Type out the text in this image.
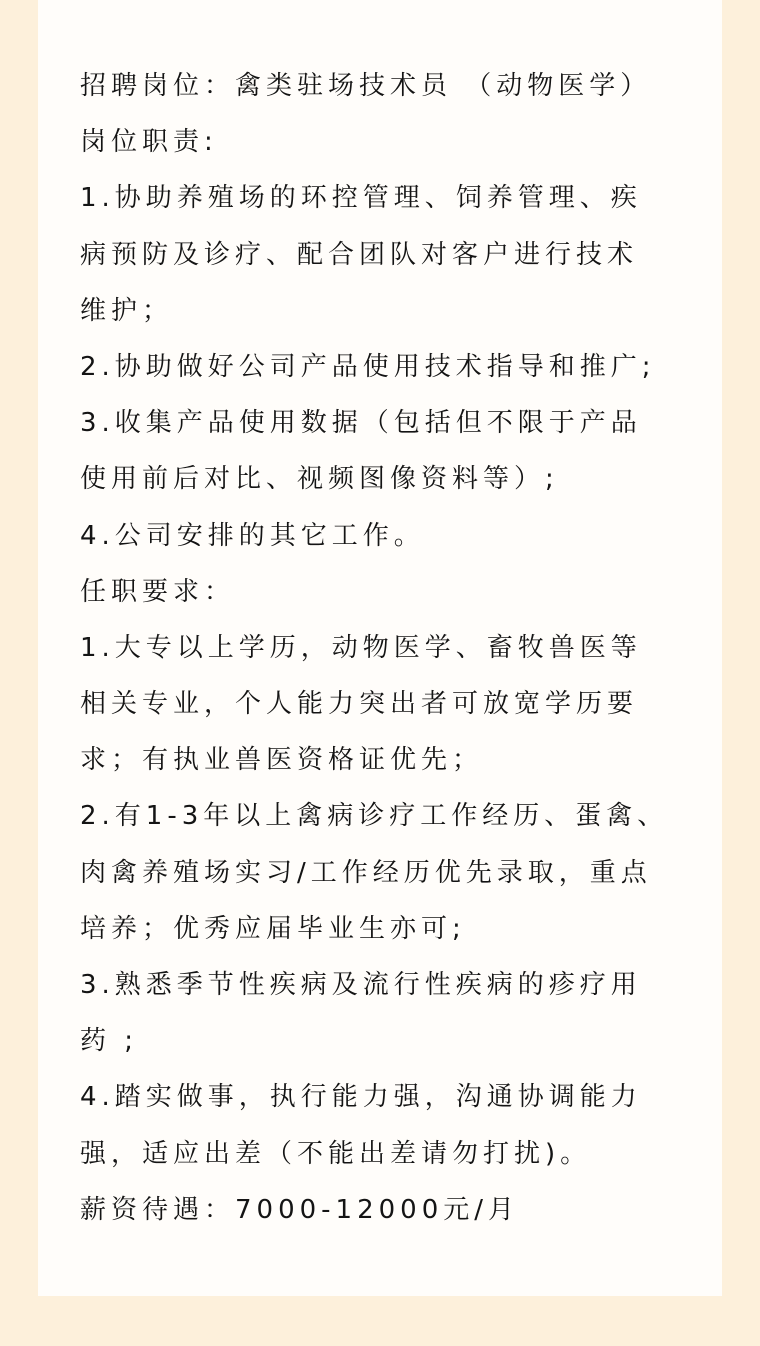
招聘岗位：禽类驻场技术员 （动物医学）
岗位职责:
1.协助养殖场的环控管理、饲养管理、疾
病预防及诊疗、配合团队对客户进行技术
维护；
2.协助做好公司产品使用技术指导和推广;
3.收集产品使用数据（包括但不限于产品
使用前后对比、视频图像资料等）;
4.公司安排的其它工作。
任职要求：
1.大专以上学历，动物医学、畜牧兽医等
相关专业，个人能力突出者可放宽学历要
求；有执业兽医资格证优先；
2.有1-3年以上禽病诊疗工作经历、蛋禽、
肉禽养殖场实习/工作经历优先录取，重点
培养；优秀应届毕业生亦可;
3.熟悉季节性疾病及流行性疾病的疹疗用
药 ;
4.踏实做事，执行能力强，沟通协调能力
强，适应出差（不能出差请勿打扰)。
薪资待遇：7000-12000元/月
